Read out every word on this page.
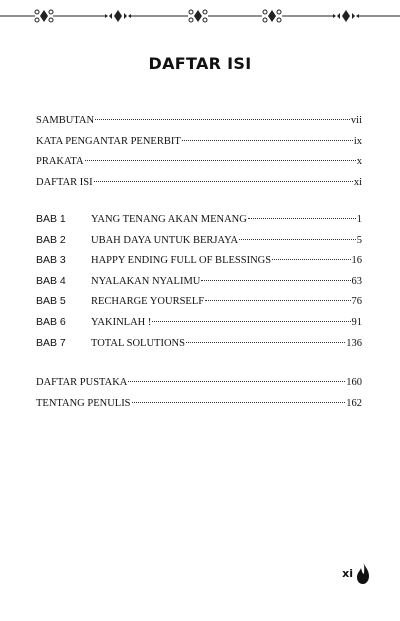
DAFTAR ISI
SAMBUTAN	vii
KATA PENGANTAR PENERBIT	ix
PRAKATA	x
DAFTAR ISI	xi
BAB 1	YANG TENANG AKAN MENANG	1
BAB 2	UBAH DAYA UNTUK BERJAYA	5
BAB 3	HAPPY ENDING FULL OF BLESSINGS	16
BAB 4	NYALAKAN NYALIMU	63
BAB 5	RECHARGE YOURSELF	76
BAB 6	YAKINLAH !	91
BAB 7	TOTAL SOLUTIONS	136
DAFTAR PUSTAKA	160
TENTANG PENULIS	162
xi
